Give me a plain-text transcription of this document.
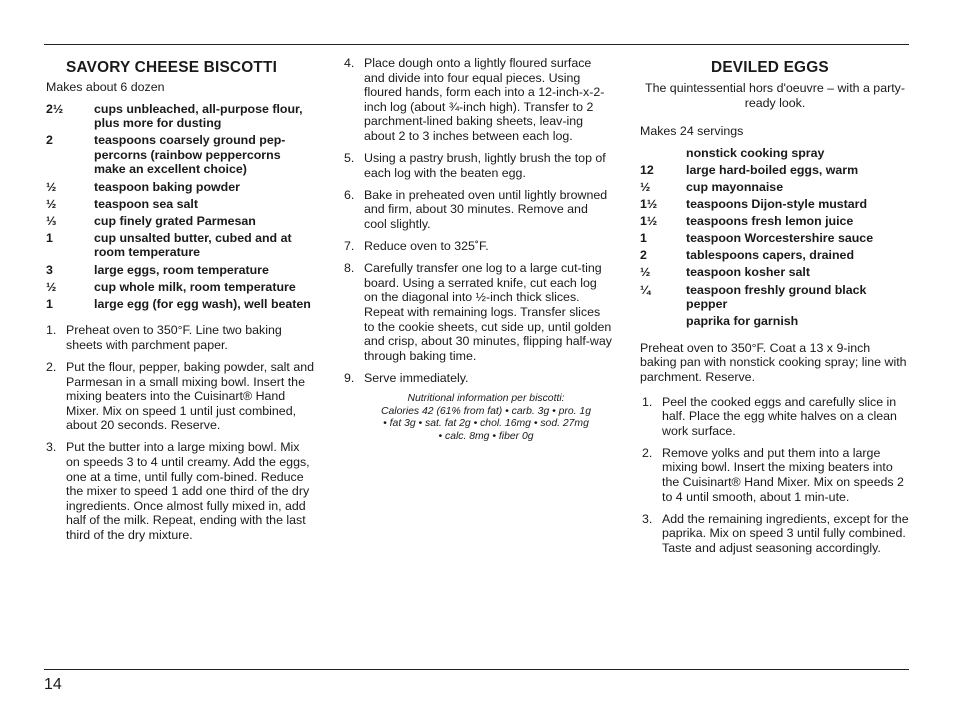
SAVORY CHEESE BISCOTTI
Makes about 6 dozen
2½	cups unbleached, all-purpose flour, plus more for dusting
2	teaspoons coarsely ground pep-percorns (rainbow peppercorns make an excellent choice)
½	teaspoon baking powder
½	teaspoon sea salt
⅓	cup finely grated Parmesan
1	cup unsalted butter, cubed and at room temperature
3	large eggs, room temperature
½	cup whole milk, room temperature
1	large egg (for egg wash), well beaten
1. Preheat oven to 350°F. Line two baking sheets with parchment paper.
2. Put the flour, pepper, baking powder, salt and Parmesan in a small mixing bowl. Insert the mixing beaters into the Cuisinart® Hand Mixer. Mix on speed 1 until just combined, about 20 seconds. Reserve.
3. Put the butter into a large mixing bowl. Mix on speeds 3 to 4 until creamy. Add the eggs, one at a time, until fully com-bined. Reduce the mixer to speed 1 add one third of the dry ingredients. Once almost fully mixed in, add half of the milk. Repeat, ending with the last third of the dry mixture.
4. Place dough onto a lightly floured surface and divide into four equal pieces. Using floured hands, form each into a 12-inch-x-2-inch log (about ¾-inch high). Transfer to 2 parchment-lined baking sheets, leav-ing about 2 to 3 inches between each log.
5. Using a pastry brush, lightly brush the top of each log with the beaten egg.
6. Bake in preheated oven until lightly browned and firm, about 30 minutes. Remove and cool slightly.
7. Reduce oven to 325˚F.
8. Carefully transfer one log to a large cut-ting board. Using a serrated knife, cut each log on the diagonal into ½-inch thick slices. Repeat with remaining logs. Transfer slices to the cookie sheets, cut side up, until golden and crisp, about 30 minutes, flipping half-way through baking time.
9. Serve immediately.
Nutritional information per biscotti:
Calories 42 (61% from fat) • carb. 3g • pro. 1g
• fat 3g • sat. fat 2g • chol. 16mg • sod. 27mg
• calc. 8mg • fiber 0g
DEVILED EGGS
The quintessential hors d'oeuvre – with a party-ready look.
Makes 24 servings
nonstick cooking spray
12	large hard-boiled eggs, warm
½	cup mayonnaise
1½	teaspoons Dijon-style mustard
1½	teaspoons fresh lemon juice
1	teaspoon Worcestershire sauce
2	tablespoons capers, drained
½	teaspoon kosher salt
¼	teaspoon freshly ground black pepper
paprika for garnish
Preheat oven to 350°F. Coat a 13 x 9-inch baking pan with nonstick cooking spray; line with parchment. Reserve.
1. Peel the cooked eggs and carefully slice in half. Place the egg white halves on a clean work surface.
2. Remove yolks and put them into a large mixing bowl. Insert the mixing beaters into the Cuisinart® Hand Mixer. Mix on speeds 2 to 4 until smooth, about 1 min-ute.
3. Add the remaining ingredients, except for the paprika. Mix on speed 3 until fully combined. Taste and adjust seasoning accordingly.
14
